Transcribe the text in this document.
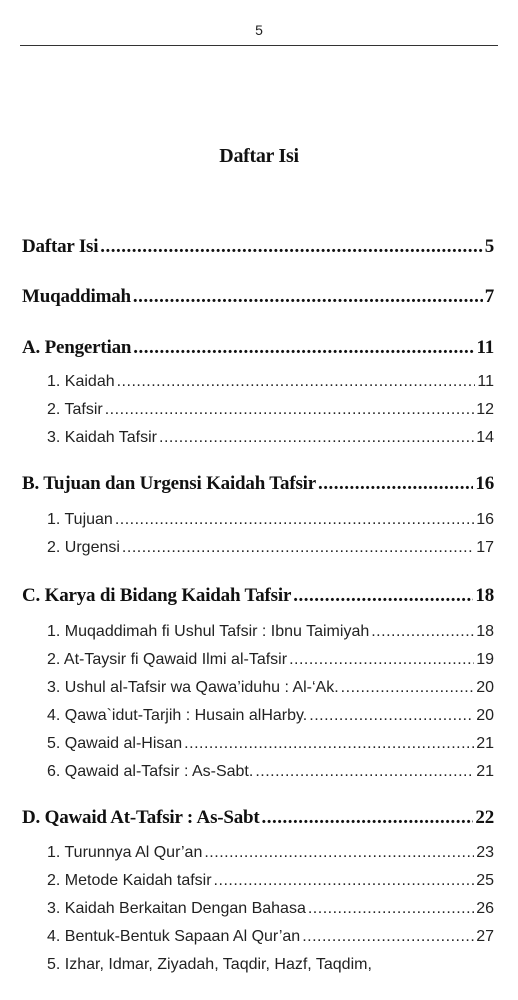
5
Daftar Isi
Daftar Isi .....	5
Muqaddimah .....	7
A. Pengertian .....	11
1. Kaidah .....	11
2. Tafsir .....	12
3. Kaidah Tafsir .....	14
B. Tujuan dan Urgensi Kaidah Tafsir .....	16
1. Tujuan .....	16
2. Urgensi .....	17
C. Karya di Bidang Kaidah Tafsir .....	18
1. Muqaddimah fi Ushul Tafsir : Ibnu Taimiyah .....	18
2. At-Taysir fi Qawaid Ilmi al-Tafsir .....	19
3. Ushul al-Tafsir wa Qawa’iduhu : Al-‘Ak. .....	20
4. Qawa`idut-Tarjih : Husain alHarby. .....	20
5. Qawaid al-Hisan .....	21
6. Qawaid al-Tafsir : As-Sabt. .....	21
D. Qawaid At-Tafsir : As-Sabt .....	22
1. Turunnya Al Qur’an .....	23
2. Metode Kaidah tafsir .....	25
3. Kaidah Berkaitan Dengan Bahasa .....	26
4. Bentuk-Bentuk Sapaan Al Qur’an .....	27
5. Izhar, Idmar, Ziyadah, Taqdir, Hazf, Taqdim,
